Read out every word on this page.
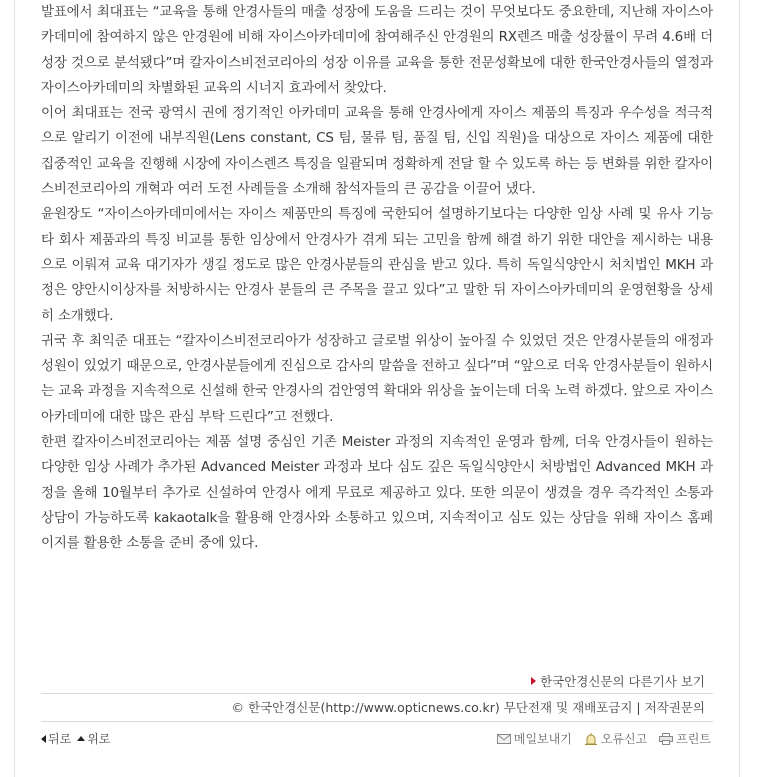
발표에서 최대표는 “교육을 통해 안경사들의 매출 성장에 도움을 드리는 것이 무엇보다도 중요한데, 지난해 자이스아카데미에 참여하지 않은 안경원에 비해 자이스아카데미에 참여해주신 안경원의 RX렌즈 매출 성장률이 무려 4.6배 더 성장 것으로 분석됐다”며 칼자이스비전코리아의 성장 이유를 교육을 통한 전문성확보에 대한 한국안경사들의 열정과 자이스아카데미의 차별화된 교육의 시너지 효과에서 찾았다.

이어 최대표는 전국 광역시 권에 정기적인 아카데미 교육을 통해 안경사에게 자이스 제품의 특징과 우수성을 적극적으로 알리기 이전에 내부직원(Lens constant, CS 팀, 물류 팀, 품질 팀, 신입 직원)을 대상으로 자이스 제품에 대한 집중적인 교육을 진행해 시장에 자이스렌즈 특징을 일괄되며 정확하게 전달 할 수 있도록 하는 등 변화를 위한 칼자이스비전코리아의 개혁과 여러 도전 사례들을 소개해 참석자들의 큰 공감을 이끌어 냈다.

윤원장도 “자이스아카데미에서는 자이스 제품만의 특징에 국한되어 설명하기보다는 다양한 임상 사례 및 유사 기능 타 회사 제품과의 특징 비교를 통한 임상에서 안경사가 겪게 되는 고민을 함께 해결 하기 위한 대안을 제시하는 내용으로 이뤄져 교육 대기자가 생길 정도로 많은 안경사분들의 관심을 받고 있다. 특히 독일식양안시 처치법인 MKH 과정은 양안시이상자를 처방하시는 안경사 분들의 큰 주목을 끌고 있다”고 말한 뒤 자이스아카데미의 운영현황을 상세히 소개했다.

귀국 후 최익준 대표는 “칼자이스비전코리아가 성장하고 글로벌 위상이 높아질 수 있었던 것은 안경사분들의 애정과 성원이 있었기 때문으로, 안경사분들에게 진심으로 감사의 말씀을 전하고 싶다”며 “앞으로 더욱 안경사분들이 원하시는 교육 과정을 지속적으로 신설해 한국 안경사의 검안영역 확대와 위상을 높이는데 더욱 노력 하겠다. 앞으로 자이스아카데미에 대한 많은 관심 부탁 드린다”고 전했다.

한편 칼자이스비전코리아는 제품 설명 중심인 기존 Meister 과정의 지속적인 운영과 함께, 더욱 안경사들이 원하는 다양한 임상 사례가 추가된 Advanced Meister 과정과 보다 심도 깊은 독일식양안시 처방법인 Advanced MKH 과정을 올해 10월부터 추가로 신설하여 안경사 에게 무료로 제공하고 있다. 또한 의문이 생겼을 경우 즉각적인 소통과 상담이 가능하도록 kakaotalk을 활용해 안경사와 소통하고 있으며, 지속적이고 심도 있는 상담을 위해 자이스 홈페이지를 활용한 소통을 준비 중에 있다.

한국안경신문의 다른기사 보기
© 한국안경신문(http://www.opticnews.co.kr) 무단전재 및 재배포금지 | 저작권문의
뒤로 위로	메일보내기 오류신고 프린트
